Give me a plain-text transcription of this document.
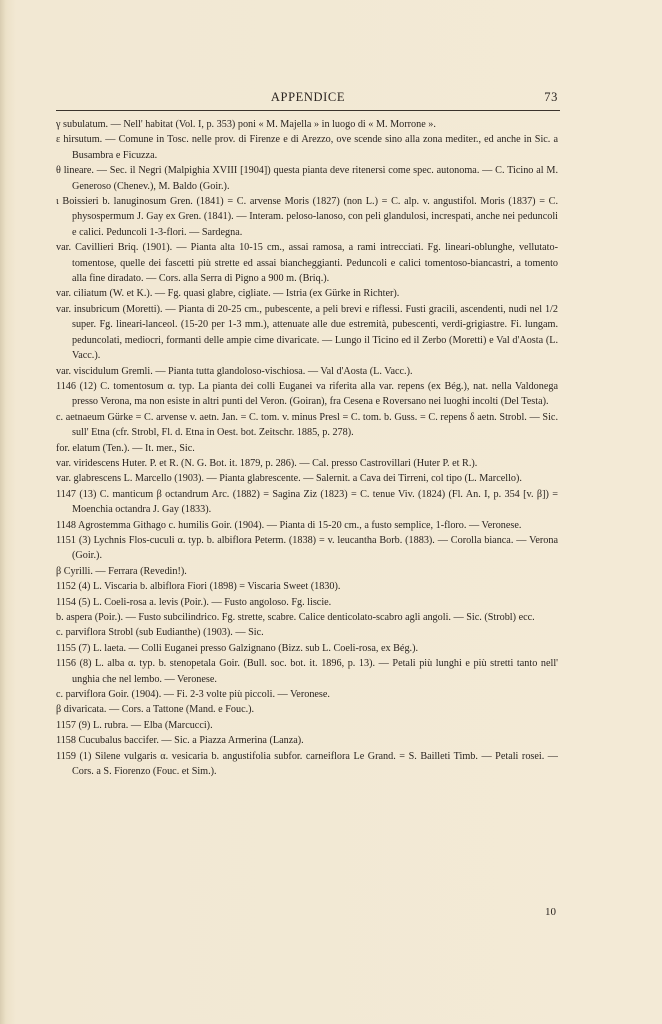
APPENDICE	73

γ subulatum. — Nell' habitat (Vol. I, p. 353) poni « M. Majella » in luogo di « M. Morrone ».

ε hirsutum. — Comune in Tosc. nelle prov. di Firenze e di Arezzo, ove scende sino alla zona mediter., ed anche in Sic. a Busambra e Ficuzza.

θ lineare. — Sec. il Negri (Malpighia XVIII [1904]) questa pianta deve ritenersi come spec. autonoma. — C. Ticino al M. Generoso (Chenev.), M. Baldo (Goir.).

ι Boissieri b. lanuginosum Gren. (1841) = C. arvense Moris (1827) (non L.) = C. alp. v. angustifol. Moris (1837) = C. physospermum J. Gay ex Gren. (1841). — Interam. peloso-lanoso, con peli glandulosi, increspati, anche nei peduncoli e calici. Peduncoli 1-3-flori. — Sardegna.

var. Cavillieri Briq. (1901). — Pianta alta 10-15 cm., assai ramosa, a rami intrecciati. Fg. lineari-oblunghe, vellutato-tomentose, quelle dei fascetti più strette ed assai biancheggianti. Peduncoli e calici tomentoso-biancastri, a tomento alla fine diradato. — Cors. alla Serra di Pigno a 900 m. (Briq.).

var. ciliatum (W. et K.). — Fg. quasi glabre, cigliate. — Istria (ex Gürke in Richter).

var. insubricum (Moretti). — Pianta di 20-25 cm., pubescente, a peli brevi e riflessi. Fusti gracili, ascendenti, nudi nel 1/2 super. Fg. lineari-lanceol. (15-20 per 1-3 mm.), attenuate alle due estremità, pubescenti, verdi-grigiastre. Fi. lungam. peduncolati, mediocri, formanti delle ampie cime divaricate. — Lungo il Ticino ed il Zerbo (Moretti) e Val d'Aosta (L. Vacc.).

var. viscidulum Gremli. — Pianta tutta glandoloso-vischiosa. — Val d'Aosta (L. Vacc.).

1146 (12) C. tomentosum α. typ. La pianta dei colli Euganei va riferita alla var. repens (ex Bég.), nat. nella Valdonega presso Verona, ma non esiste in altri punti del Veron. (Goiran), fra Cesena e Roversano nei luoghi incolti (Del Testa).

c. aetnaeum Gürke = C. arvense v. aetn. Jan. = C. tom. v. minus Presl = C. tom. b. Guss. = C. repens δ aetn. Strobl. — Sic. sull' Etna (cfr. Strobl, Fl. d. Etna in Oest. bot. Zeitschr. 1885, p. 278).

for. elatum (Ten.). — It. mer., Sic.

var. viridescens Huter. P. et R. (N. G. Bot. it. 1879, p. 286). — Cal. presso Castrovillari (Huter P. et R.).

var. glabrescens L. Marcello (1903). — Pianta glabrescente. — Salernit. a Cava dei Tirreni, col tipo (L. Marcello).

1147 (13) C. manticum β octandrum Arc. (1882) = Sagina Ziz (1823) = C. tenue Viv. (1824) (Fl. An. I, p. 354 [v. β]) = Moenchia octandra J. Gay (1833).

1148 Agrostemma Githago c. humilis Goir. (1904). — Pianta di 15-20 cm., a fusto semplice, 1-floro. — Veronese.

1151 (3) Lychnis Flos-cuculi α. typ. b. albiflora Peterm. (1838) = v. leucantha Borb. (1883). — Corolla bianca. — Verona (Goir.).

β Cyrilli. — Ferrara (Revedin!).

1152 (4) L. Viscaria b. albiflora Fiori (1898) = Viscaria Sweet (1830).

1154 (5) L. Coeli-rosa a. levis (Poir.). — Fusto angoloso. Fg. liscie.

b. aspera (Poir.). — Fusto subcilindrico. Fg. strette, scabre. Calice denticolato-scabro agli angoli. — Sic. (Strobl) ecc.

c. parviflora Strobl (sub Eudianthe) (1903). — Sic.

1155 (7) L. laeta. — Colli Euganei presso Galzignano (Bizz. sub L. Coeli-rosa, ex Bég.).

1156 (8) L. alba α. typ. b. stenopetala Goir. (Bull. soc. bot. it. 1896, p. 13). — Petali più lunghi e più stretti tanto nell' unghia che nel lembo. — Veronese.

c. parviflora Goir. (1904). — Fi. 2-3 volte più piccoli. — Veronese.

β divaricata. — Cors. a Tattone (Mand. e Fouc.).

1157 (9) L. rubra. — Elba (Marcucci).

1158 Cucubalus baccifer. — Sic. a Piazza Armerina (Lanza).

1159 (1) Silene vulgaris α. vesicaria b. angustifolia subfor. carneiflora Le Grand. = S. Bailleti Timb. — Petali rosei. — Cors. a S. Fiorenzo (Fouc. et Sim.).

10
